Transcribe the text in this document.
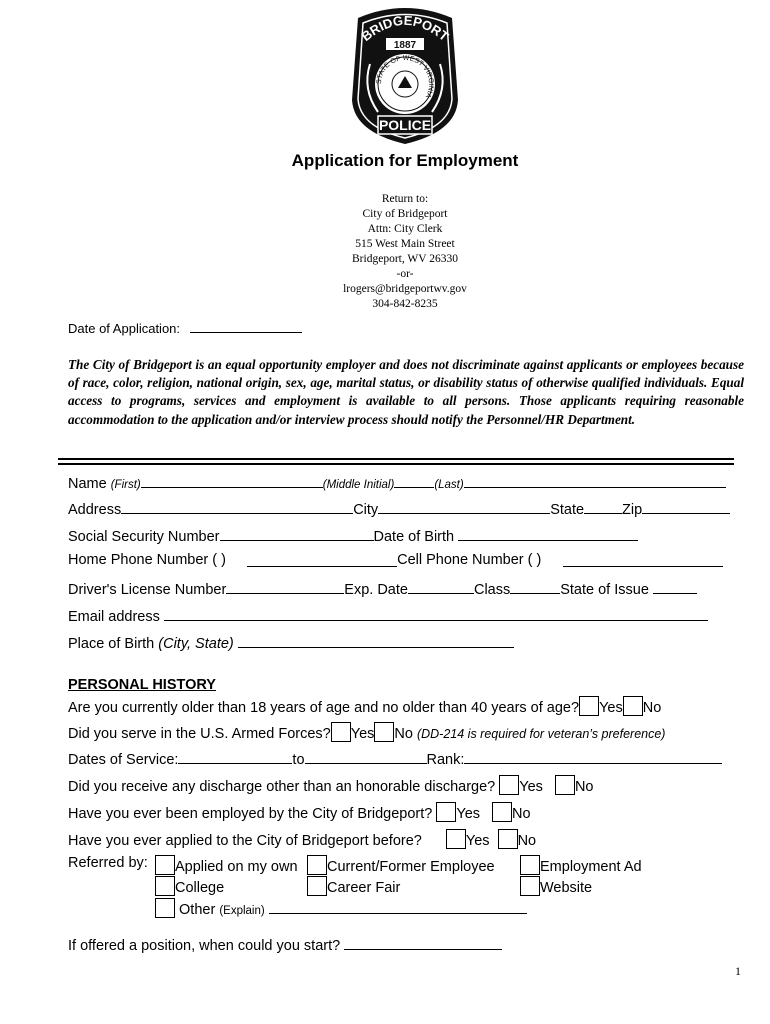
BRIDGEPORT
1887
STATE OF WEST VIRGINIA
POLICE
Application for Employment
Return to:
City of Bridgeport
Attn: City Clerk
515 West Main Street
Bridgeport, WV 26330
-or-
lrogers@bridgeportwv.gov
304-842-8235
Date of Application:
The City of Bridgeport is an equal opportunity employer and does not discriminate against applicants or employees because of race, color, religion, national origin, sex, age, marital status, or disability status of otherwise qualified individuals. Equal access to programs, services and employment is available to all persons. Those applicants requiring reasonable accommodation to the application and/or interview process should notify the Personnel/HR Department.
Name (First)	(Middle Initial)	(Last)
Address	City	State	Zip
Social Security Number	Date of Birth
Home Phone Number ( )	Cell Phone Number ( )
Driver's License Number	Exp. Date	Class	State of Issue
Email address
Place of Birth (City, State)
PERSONAL HISTORY
Are you currently older than 18 years of age and no older than 40 years of age? Yes No
Did you serve in the U.S. Armed Forces? Yes No (DD-214 is required for veteran’s preference)
Dates of Service:	to	Rank:
Did you receive any discharge other than an honorable discharge? Yes No
Have you ever been employed by the City of Bridgeport? Yes No
Have you ever applied to the City of Bridgeport before?	Yes No
Referred by:	Applied on my own	Current/Former Employee	Employment Ad
College	Career Fair	Website
Other (Explain)
If offered a position, when could you start?
1
